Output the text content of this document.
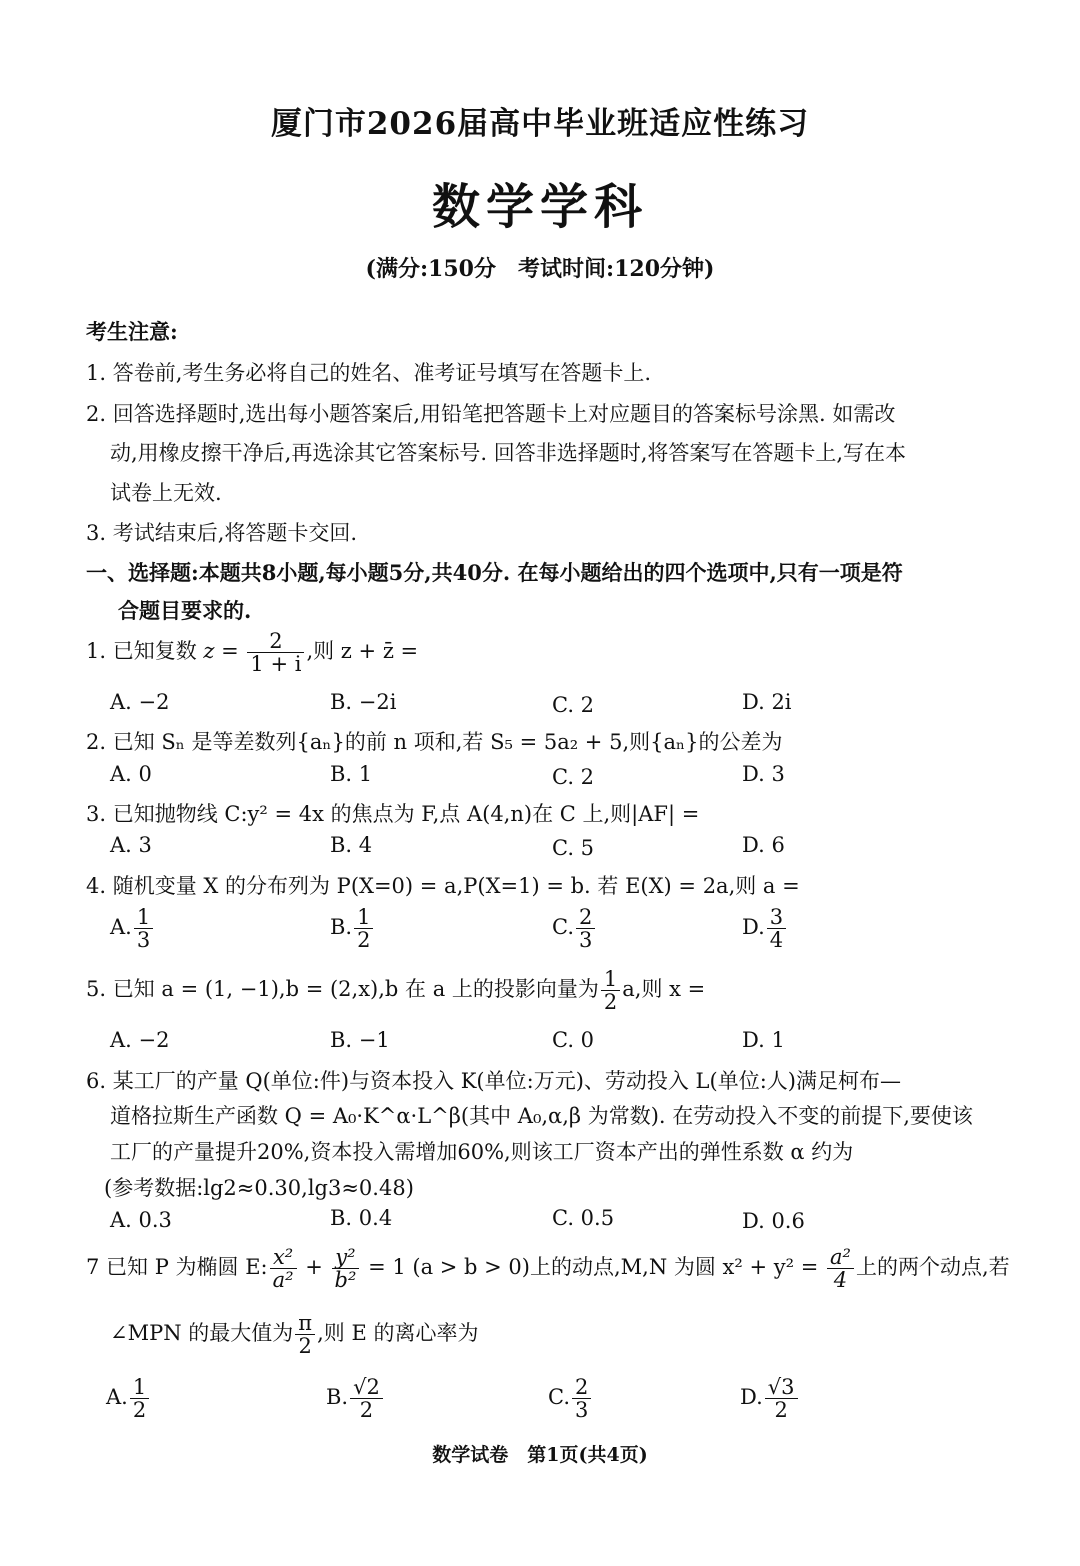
厦门市2026届高中毕业班适应性练习
数学学科
(满分:150分　考试时间:120分钟)
考生注意:
1. 答卷前,考生务必将自己的姓名、准考证号填写在答题卡上.
2. 回答选择题时,选出每小题答案后,用铅笔把答题卡上对应题目的答案标号涂黑. 如需改
动,用橡皮擦干净后,再选涂其它答案标号. 回答非选择题时,将答案写在答题卡上,写在本
试卷上无效.
3. 考试结束后,将答题卡交回.
一、选择题:本题共8小题,每小题5分,共40分. 在每小题给出的四个选项中,只有一项是符
合题目要求的.
1. 已知复数 $z = \frac{2}{1 + i}$ ,则 z + z̄ =
A. −2	B. −2i	C. 2	D. 2i
2. 已知 Sₙ 是等差数列{aₙ}的前 n 项和,若 S₅ = 5a₂ + 5,则{aₙ}的公差为
A. 0	B. 1	C. 2	D. 3
3. 已知抛物线 C:y² = 4x 的焦点为 F,点 A(4,n)在 C 上,则|AF| =
A. 3	B. 4	C. 5	D. 6
4. 随机变量 X 的分布列为 P(X=0) = a,P(X=1) = b. 若 E(X) = 2a,则 a =
A. $\frac{1}{3}$	B. $\frac{1}{2}$	C. $\frac{2}{3}$	D. $\frac{3}{4}$
5. 已知 a = (1, −1),b = (2,x),b 在 a 上的投影向量为 $\frac{1}{2} a$,则 x =
A. −2	B. −1	C. 0	D. 1
6. 某工厂的产量 Q(单位:件)与资本投入 K(单位:万元)、劳动投入 L(单位:人)满足柯布—
道格拉斯生产函数 Q = A₀·K^α·L^β(其中 A₀,α,β 为常数). 在劳动投入不变的前提下,要使该
工厂的产量提升20%,资本投入需增加60%,则该工厂资本产出的弹性系数 α 约为
(参考数据:lg2≈0.30,lg3≈0.48)
A. 0.3	B. 0.4	C. 0.5	D. 0.6
7 已知 P 为椭圆 E: $\frac{\text{x²}}{\text{a²}} + \frac{\text{y²}}{\text{b²}} = 1$ (a > b > 0)上的动点,M,N 为圆 $x^2 + y^2 = \frac{\text{a²}}{4}$ 上的两个动点,若
∠MPN 的最大值为 $\frac{\pi}{2}$ ,则 E 的离心率为
A. $\frac{1}{2}$	B. $\frac{√2}{2}$	C. $\frac{2}{3}$	D. $\frac{√3}{2}$
数学试卷　第1页(共4页)
